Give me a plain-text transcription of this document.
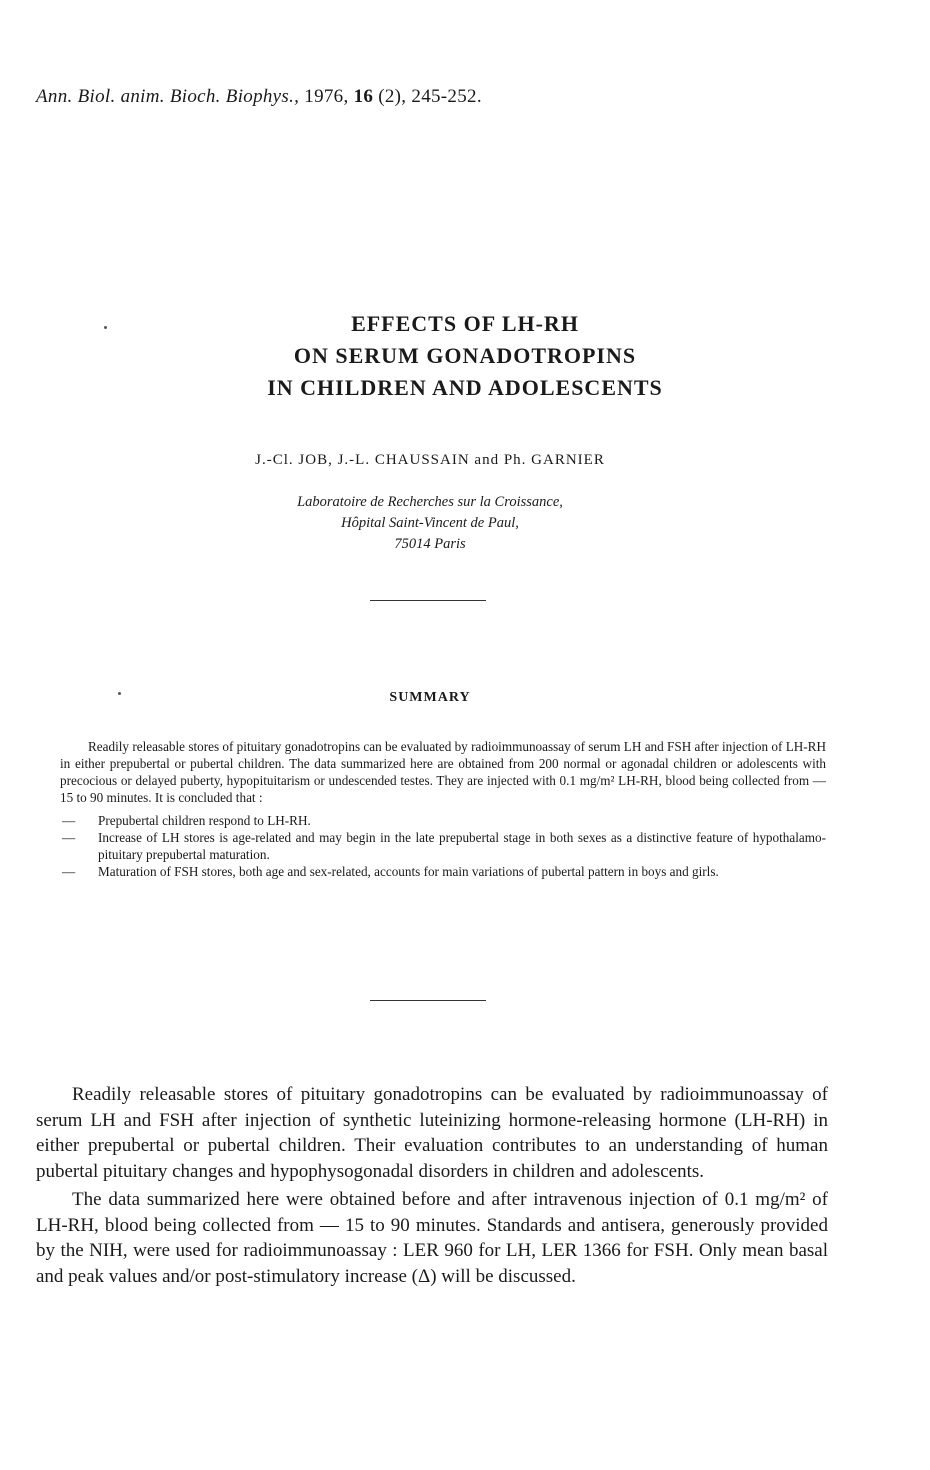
Ann. Biol. anim. Bioch. Biophys., 1976, 16 (2), 245-252.
EFFECTS OF LH-RH
ON SERUM GONADOTROPINS
IN CHILDREN AND ADOLESCENTS
J.-Cl. JOB, J.-L. CHAUSSAIN and Ph. GARNIER
Laboratoire de Recherches sur la Croissance,
Hôpital Saint-Vincent de Paul,
75014 Paris
SUMMARY

Readily releasable stores of pituitary gonadotropins can be evaluated by radioimmunoassay of serum LH and FSH after injection of LH-RH in either prepubertal or pubertal children. The data summarized here are obtained from 200 normal or agonadal children or adolescents with precocious or delayed puberty, hypopituitarism or undescended testes. They are injected with 0.1 mg/m² LH-RH, blood being collected from — 15 to 90 minutes. It is concluded that :

— Prepubertal children respond to LH-RH.
— Increase of LH stores is age-related and may begin in the late prepubertal stage in both sexes as a distinctive feature of hypothalamo-pituitary prepubertal maturation.
— Maturation of FSH stores, both age and sex-related, accounts for main variations of pubertal pattern in boys and girls.

Readily releasable stores of pituitary gonadotropins can be evaluated by radioimmunoassay of serum LH and FSH after injection of synthetic luteinizing hormone-releasing hormone (LH-RH) in either prepubertal or pubertal children. Their evaluation contributes to an understanding of human pubertal pituitary changes and hypophysogonadal disorders in children and adolescents.

The data summarized here were obtained before and after intravenous injection of 0.1 mg/m² of LH-RH, blood being collected from — 15 to 90 minutes. Standards and antisera, generously provided by the NIH, were used for radioimmunoassay : LER 960 for LH, LER 1366 for FSH. Only mean basal and peak values and/or post-stimulatory increase (Δ) will be discussed.
